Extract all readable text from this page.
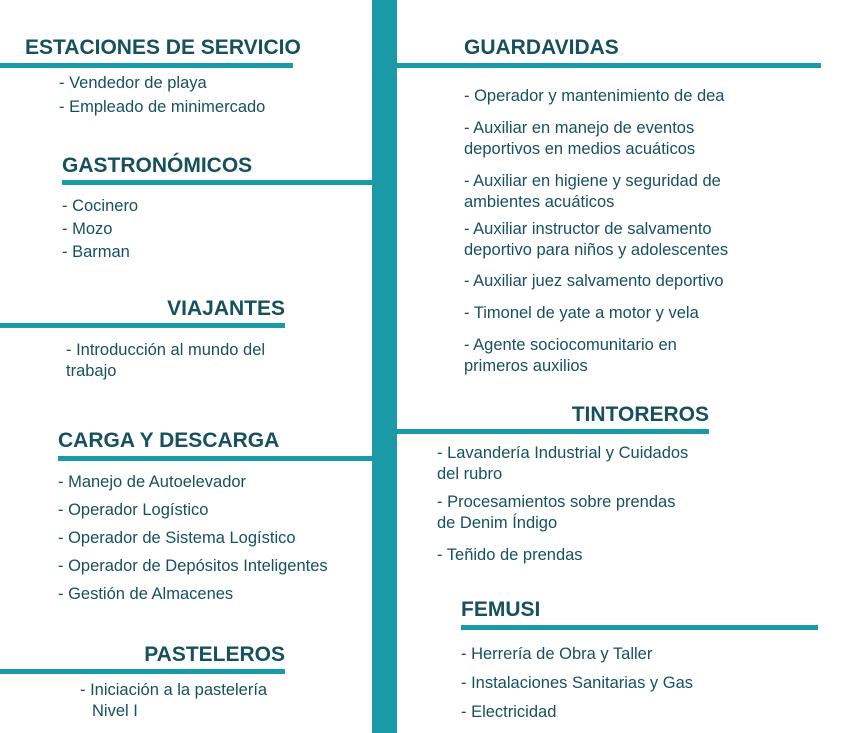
ESTACIONES DE SERVICIO

- Vendedor de playa

- Empleado de minimercado

GASTRONÓMICOS

- Cocinero

- Mozo

- Barman

VIAJANTES

- Introducción al mundo del

trabajo

CARGA Y DESCARGA

- Manejo de Autoelevador

- Operador Logístico

- Operador de Sistema Logístico

- Operador de Depósitos Inteligentes

- Gestión de Almacenes

PASTELEROS

- Iniciación a la pastelería

Nivel I

GUARDAVIDAS

- Operador y mantenimiento de dea

- Auxiliar en manejo de eventos

deportivos en medios acuáticos

- Auxiliar en higiene y seguridad de

ambientes acuáticos

- Auxiliar instructor de salvamento

deportivo para niños y adolescentes

- Auxiliar juez salvamento deportivo

- Timonel de yate a motor y vela

- Agente sociocomunitario en

primeros auxilios

TINTOREROS

- Lavandería Industrial y Cuidados

del rubro

- Procesamientos sobre prendas

de Denim Índigo

- Teñido de prendas

FEMUSI

- Herrería de Obra y Taller

- Instalaciones Sanitarias y Gas

- Electricidad
